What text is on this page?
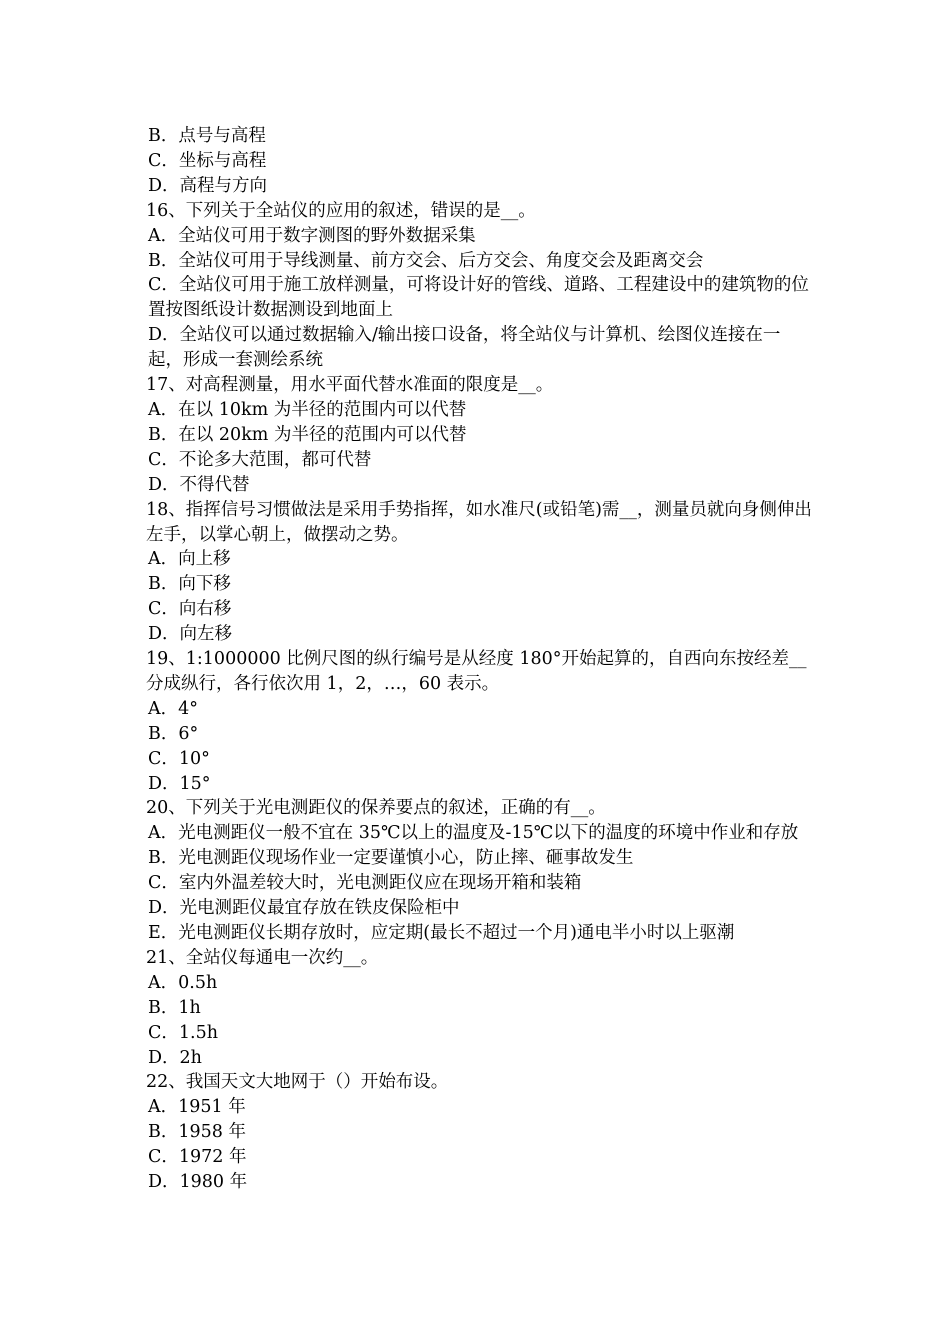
B．点号与高程
C．坐标与高程
D．高程与方向
16、下列关于全站仪的应用的叙述，错误的是__。
A．全站仪可用于数字测图的野外数据采集
B．全站仪可用于导线测量、前方交会、后方交会、角度交会及距离交会
C．全站仪可用于施工放样测量，可将设计好的管线、道路、工程建设中的建筑物的位置按图纸设计数据测设到地面上
D．全站仪可以通过数据输入/输出接口设备，将全站仪与计算机、绘图仪连接在一起，形成一套测绘系统
17、对高程测量，用水平面代替水准面的限度是__。
A．在以 10km 为半径的范围内可以代替
B．在以 20km 为半径的范围内可以代替
C．不论多大范围，都可代替
D．不得代替
18、指挥信号习惯做法是采用手势指挥，如水准尺(或铅笔)需__，测量员就向身侧伸出左手，以掌心朝上，做摆动之势。
A．向上移
B．向下移
C．向右移
D．向左移
19、1:1000000 比例尺图的纵行编号是从经度 180°开始起算的，自西向东按经差__分成纵行，各行依次用 1，2，…，60 表示。
A．4°
B．6°
C．10°
D．15°
20、下列关于光电测距仪的保养要点的叙述，正确的有__。
A．光电测距仪一般不宜在 35℃以上的温度及-15℃以下的温度的环境中作业和存放
B．光电测距仪现场作业一定要谨慎小心，防止摔、砸事故发生
C．室内外温差较大时，光电测距仪应在现场开箱和装箱
D．光电测距仪最宜存放在铁皮保险柜中
E．光电测距仪长期存放时，应定期(最长不超过一个月)通电半小时以上驱潮
21、全站仪每通电一次约__。
A．0.5h
B．1h
C．1.5h
D．2h
22、我国天文大地网于（）开始布设。
A．1951 年
B．1958 年
C．1972 年
D．1980 年
